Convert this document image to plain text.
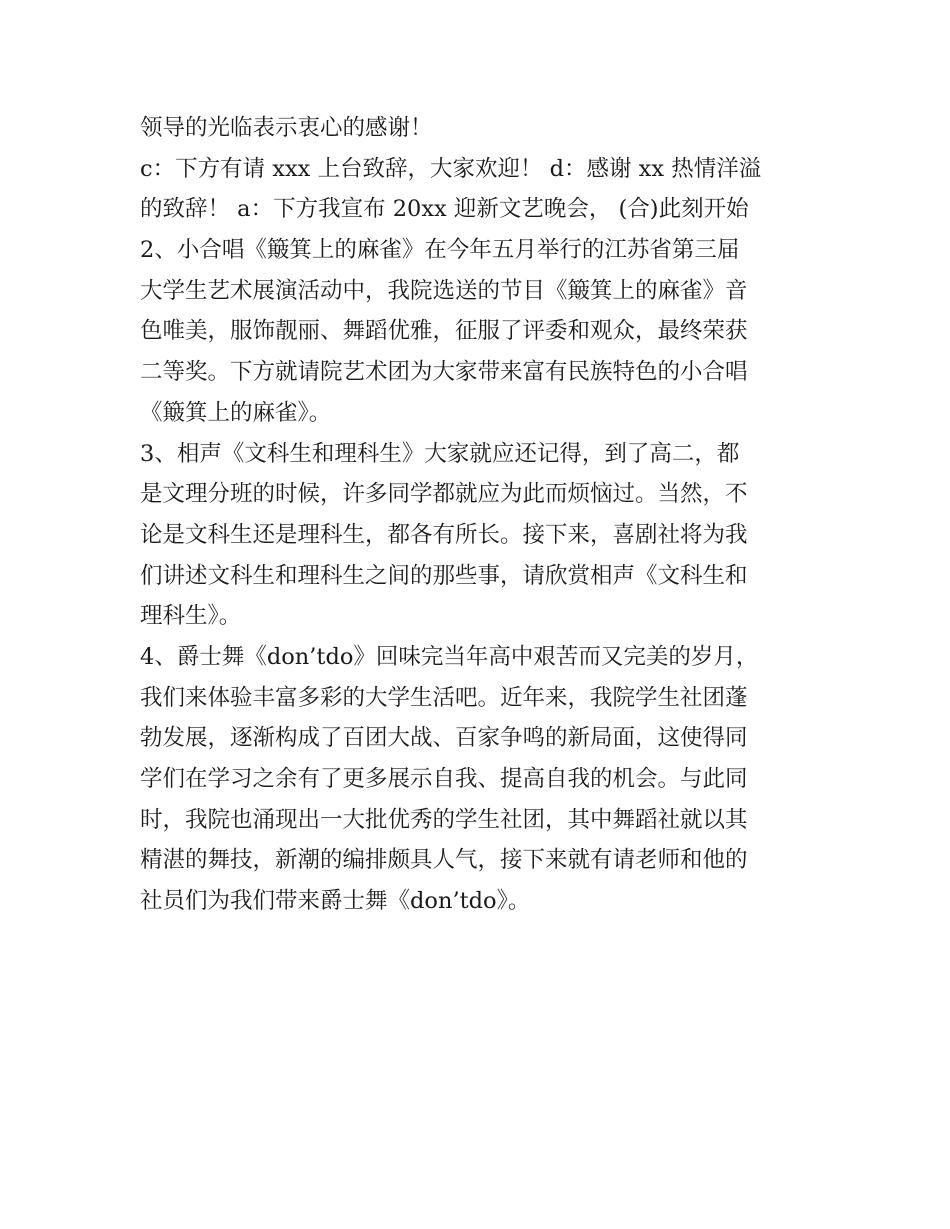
领导的光临表示衷心的感谢！
c：下方有请 xxx 上台致辞，大家欢迎！ d：感谢 xx 热情洋溢
的致辞！ a：下方我宣布 20xx 迎新文艺晚会， (合)此刻开始
2、小合唱《簸箕上的麻雀》在今年五月举行的江苏省第三届
大学生艺术展演活动中，我院选送的节目《簸箕上的麻雀》音
色唯美，服饰靓丽、舞蹈优雅，征服了评委和观众，最终荣获
二等奖。下方就请院艺术团为大家带来富有民族特色的小合唱
《簸箕上的麻雀》。
3、相声《文科生和理科生》大家就应还记得，到了高二，都
是文理分班的时候，许多同学都就应为此而烦恼过。当然，不
论是文科生还是理科生，都各有所长。接下来，喜剧社将为我
们讲述文科生和理科生之间的那些事，请欣赏相声《文科生和
理科生》。
4、爵士舞《don’tdo》回味完当年高中艰苦而又完美的岁月，
我们来体验丰富多彩的大学生活吧。近年来，我院学生社团蓬
勃发展，逐渐构成了百团大战、百家争鸣的新局面，这使得同
学们在学习之余有了更多展示自我、提高自我的机会。与此同
时，我院也涌现出一大批优秀的学生社团，其中舞蹈社就以其
精湛的舞技，新潮的编排颇具人气，接下来就有请老师和他的
社员们为我们带来爵士舞《don’tdo》。
